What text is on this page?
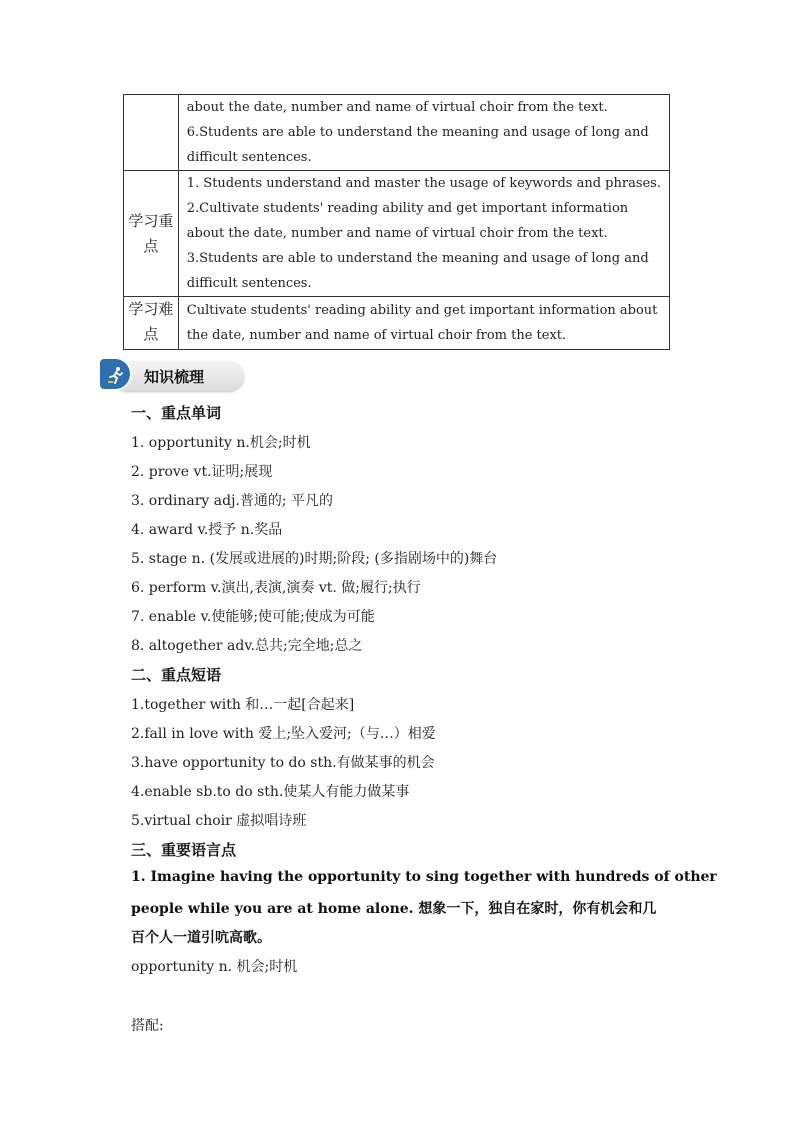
	about the date, number and name of virtual choir from the text.
6.Students are able to understand the meaning and usage of long and
difficult sentences.

学习重点	1. Students understand and master the usage of keywords and phrases.
2.Cultivate students' reading ability and get important information
about the date, number and name of virtual choir from the text.
3.Students are able to understand the meaning and usage of long and
difficult sentences.

学习难点	Cultivate students' reading ability and get important information about
the date, number and name of virtual choir from the text.
知识梳理
一、重点单词
1. opportunity n.机会;时机
2. prove vt.证明;展现
3. ordinary adj.普通的; 平凡的
4. award v.授予 n.奖品
5. stage n. (发展或进展的)时期;阶段; (多指剧场中的)舞台
6. perform v.演出,表演,演奏 vt. 做;履行;执行
7. enable v.使能够;使可能;使成为可能
8. altogether adv.总共;完全地;总之
二、重点短语
1.together with 和…一起[合起来]
2.fall in love with 爱上;坠入爱河;（与…）相爱
3.have opportunity to do sth.有做某事的机会
4.enable sb.to do sth.使某人有能力做某事
5.virtual choir 虚拟唱诗班
三、重要语言点
1. Imagine having the opportunity to sing together with hundreds of other
people while you are at home alone. 想象一下，独自在家时，你有机会和几
百个人一道引吭高歌。
opportunity n. 机会;时机
搭配:
